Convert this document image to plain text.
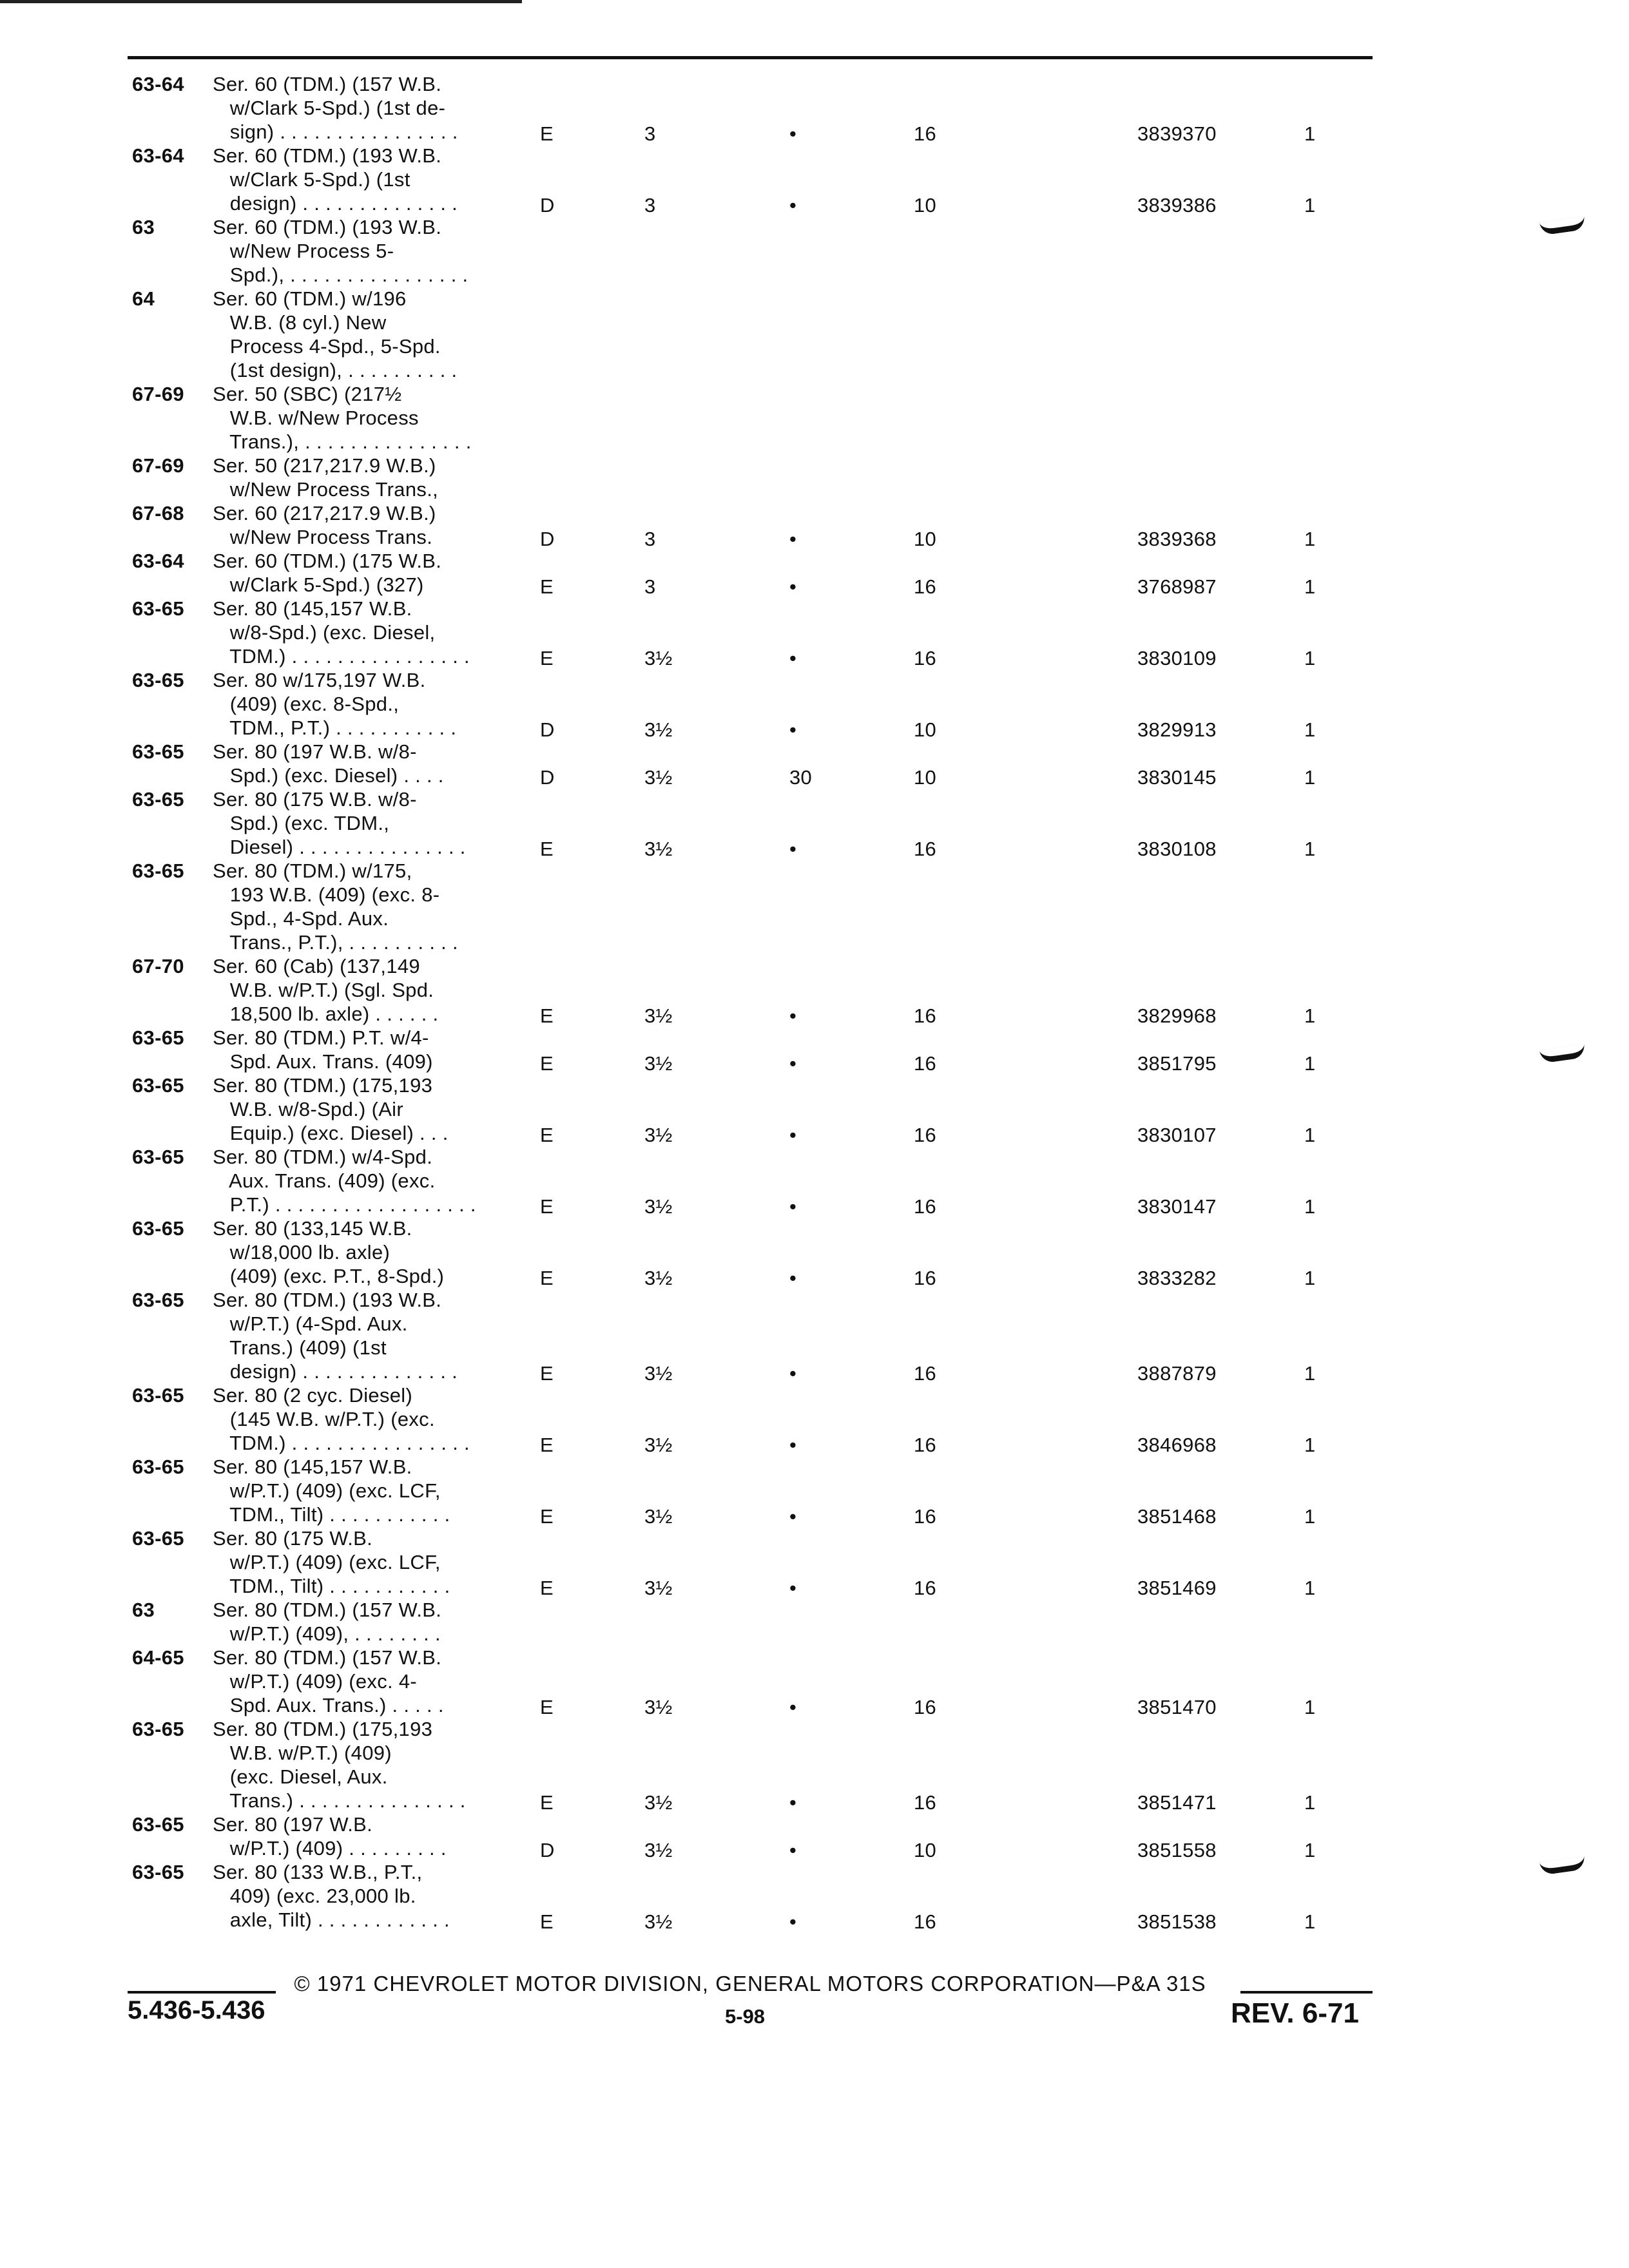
63-64 Ser. 60 (TDM.) (157 W.B.
w/Clark 5-Spd.) (1st de-
sign) . . . . . . . . . . . . . . . .	E	3	•	16	3839370	1
63-64 Ser. 60 (TDM.) (193 W.B.
w/Clark 5-Spd.) (1st
design) . . . . . . . . . . . . . .	D	3	•	10	3839386	1
63	Ser. 60 (TDM.) (193 W.B.
w/New Process 5-
Spd.), . . . . . . . . . . . . . . . .
64	Ser. 60 (TDM.) w/196
W.B. (8 cyl.) New
Process 4-Spd., 5-Spd.
(1st design), . . . . . . . . . .
67-69 Ser. 50 (SBC) (217½
W.B. w/New Process
Trans.), . . . . . . . . . . . . . . .
67-69 Ser. 50 (217,217.9 W.B.)
w/New Process Trans.,
67-68 Ser. 60 (217,217.9 W.B.)
w/New Process Trans.	D	3	•	10	3839368	1
63-64 Ser. 60 (TDM.) (175 W.B.
w/Clark 5-Spd.) (327)	E	3	•	16	3768987	1
63-65 Ser. 80 (145,157 W.B.
w/8-Spd.) (exc. Diesel,
TDM.) . . . . . . . . . . . . . . . .	E	3½	•	16	3830109	1
63-65 Ser. 80 w/175,197 W.B.
(409) (exc. 8-Spd.,
TDM., P.T.) . . . . . . . . . . .	D	3½	•	10	3829913	1
63-65 Ser. 80 (197 W.B. w/8-
Spd.) (exc. Diesel) . . . .	D	3½	30	10	3830145	1
63-65 Ser. 80 (175 W.B. w/8-
Spd.) (exc. TDM.,
Diesel) . . . . . . . . . . . . . . .	E	3½	•	16	3830108	1
63-65 Ser. 80 (TDM.) w/175,
193 W.B. (409) (exc. 8-
Spd., 4-Spd. Aux.
Trans., P.T.), . . . . . . . . . .
67-70 Ser. 60 (Cab) (137,149
W.B. w/P.T.) (Sgl. Spd.
18,500 lb. axle) . . . . . .	E	3½	•	16	3829968	1
63-65 Ser. 80 (TDM.) P.T. w/4-
Spd. Aux. Trans. (409)	E	3½	•	16	3851795	1
63-65 Ser. 80 (TDM.) (175,193
W.B. w/8-Spd.) (Air
Equip.) (exc. Diesel) . . .	E	3½	•	16	3830107	1
63-65 Ser. 80 (TDM.) w/4-Spd.
Aux. Trans. (409) (exc.
P.T.) . . . . . . . . . . . . . . . . . .	E	3½	•	16	3830147	1
63-65 Ser. 80 (133,145 W.B.
w/18,000 lb. axle)
(409) (exc. P.T., 8-Spd.)	E	3½	•	16	3833282	1
63-65 Ser. 80 (TDM.) (193 W.B.
w/P.T.) (4-Spd. Aux.
Trans.) (409) (1st
design) . . . . . . . . . . . . . .	E	3½	•	16	3887879	1
63-65 Ser. 80 (2 cyc. Diesel)
(145 W.B. w/P.T.) (exc.
TDM.) . . . . . . . . . . . . . . . .	E	3½	•	16	3846968	1
63-65 Ser. 80 (145,157 W.B.
w/P.T.) (409) (exc. LCF,
TDM., Tilt) . . . . . . . . . . .	E	3½	•	16	3851468	1
63-65 Ser. 80 (175 W.B.
w/P.T.) (409) (exc. LCF,
TDM., Tilt) . . . . . . . . . . .	E	3½	•	16	3851469	1
63	Ser. 80 (TDM.) (157 W.B.
w/P.T.) (409), . . . . . . . .
64-65 Ser. 80 (TDM.) (157 W.B.
w/P.T.) (409) (exc. 4-
Spd. Aux. Trans.) . . . . .	E	3½	•	16	3851470	1
63-65 Ser. 80 (TDM.) (175,193
W.B. w/P.T.) (409)
(exc. Diesel, Aux.
Trans.) . . . . . . . . . . . . . . .	E	3½	•	16	3851471	1
63-65 Ser. 80 (197 W.B.
w/P.T.) (409) . . . . . . . . .	D	3½	•	10	3851558	1
63-65 Ser. 80 (133 W.B., P.T.,
409) (exc. 23,000 lb.
axle, Tilt) . . . . . . . . . . . .	E	3½	•	16	3851538	1
© 1971 CHEVROLET MOTOR DIVISION, GENERAL MOTORS CORPORATION—P&A 31S
5.436-5.436	5-98	REV. 6-71
